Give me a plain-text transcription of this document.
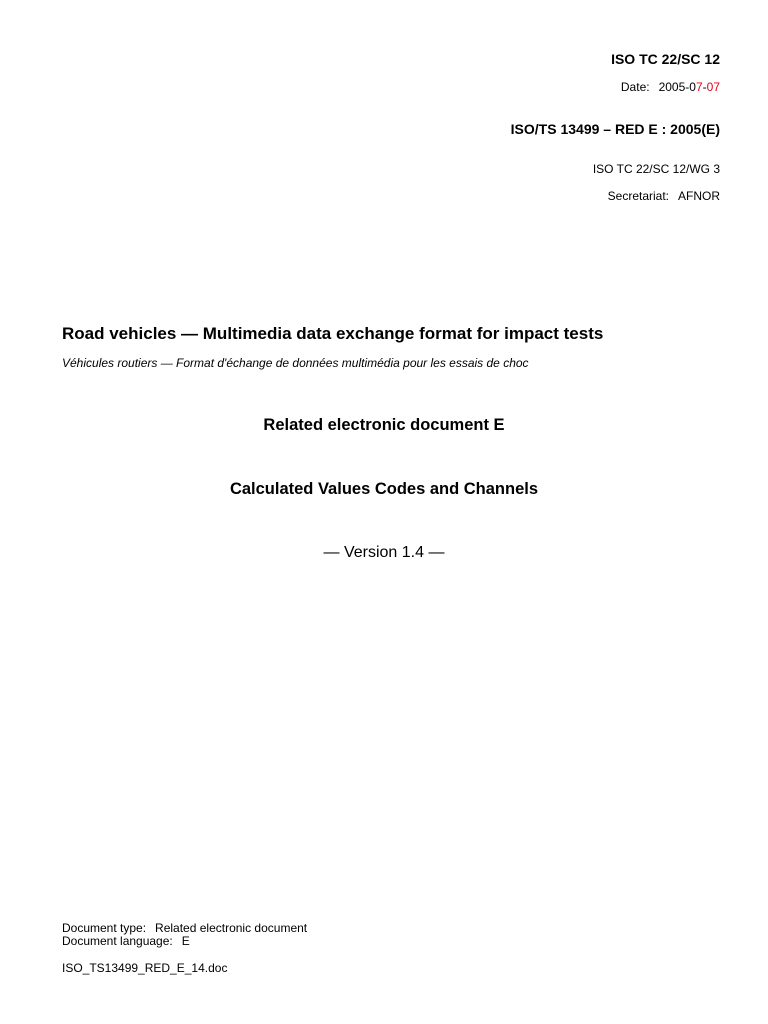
ISO TC 22/SC 12
Date: 2005-07-07
ISO/TS 13499 – RED E : 2005(E)
ISO TC 22/SC 12/WG 3
Secretariat: AFNOR
Road vehicles — Multimedia data exchange format for impact tests
Véhicules routiers — Format d'échange de données multimédia pour les essais de choc
Related electronic document E
Calculated Values Codes and Channels
— Version 1.4 —
Document type: Related electronic document
Document language: E
ISO_TS13499_RED_E_14.doc
